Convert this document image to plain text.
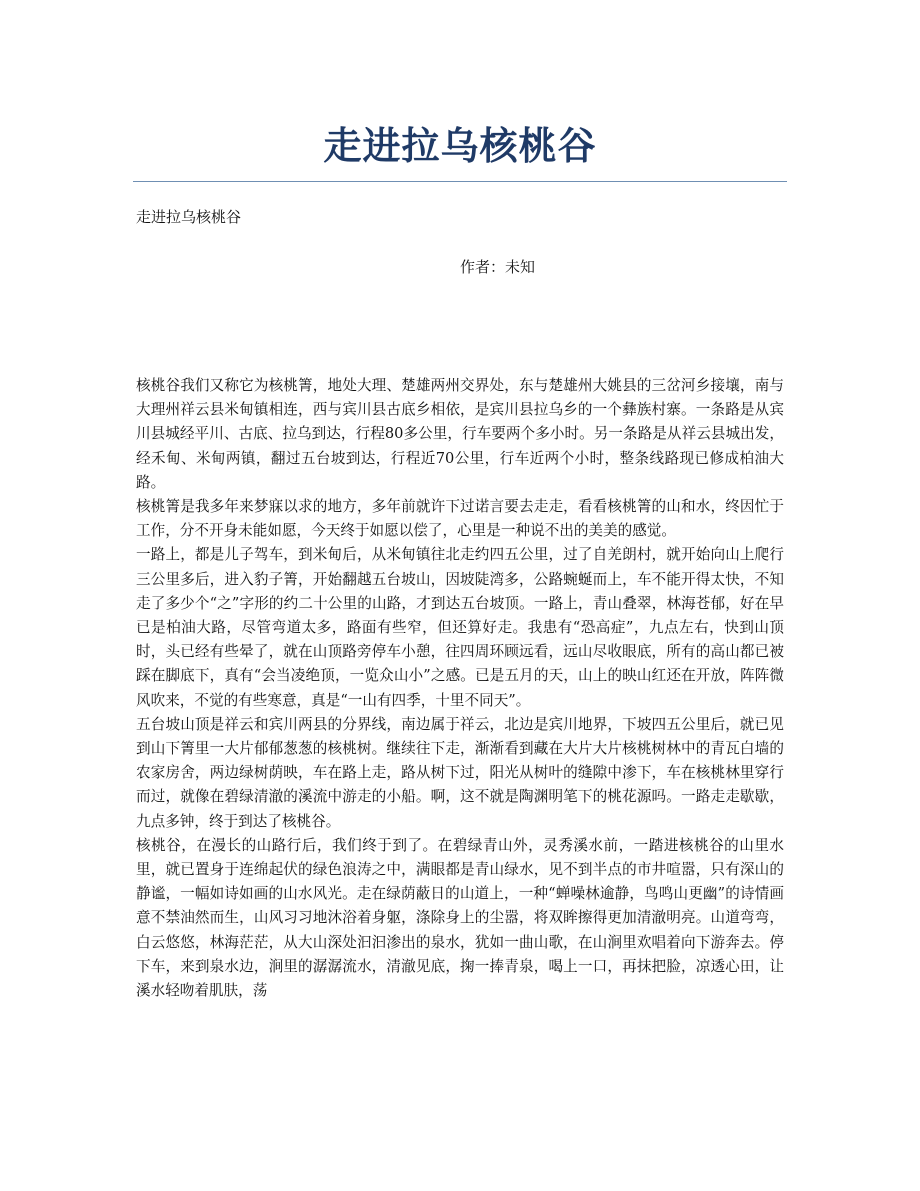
走进拉乌核桃谷
走进拉乌核桃谷
作者：未知

核桃谷我们又称它为核桃箐，地处大理、楚雄两州交界处，东与楚雄州大姚县的三岔河乡接壤，南与大理州祥云县米甸镇相连，西与宾川县古底乡相依，是宾川县拉乌乡的一个彝族村寨。一条路是从宾川县城经平川、古底、拉乌到达，行程80多公里，行车要两个多小时。另一条路是从祥云县城出发，经禾甸、米甸两镇，翻过五台坡到达，行程近70公里，行车近两个小时，整条线路现已修成柏油大路。

核桃箐是我多年来梦寐以求的地方，多年前就许下过诺言要去走走，看看核桃箐的山和水，终因忙于工作，分不开身未能如愿，今天终于如愿以偿了，心里是一种说不出的美美的感觉。

一路上，都是儿子驾车，到米甸后，从米甸镇往北走约四五公里，过了自羌朗村，就开始向山上爬行三公里多后，进入豹子箐，开始翻越五台坡山，因坡陡湾多，公路蜿蜒而上，车不能开得太快，不知走了多少个“之”字形的约二十公里的山路，才到达五台坡顶。一路上，青山叠翠，林海苍郁，好在早已是柏油大路，尽管弯道太多，路面有些窄，但还算好走。我患有“恐高症”，九点左右，快到山顶时，头已经有些晕了，就在山顶路旁停车小憩，往四周环顾远看，远山尽收眼底，所有的高山都已被踩在脚底下，真有“会当凌绝顶，一览众山小”之感。已是五月的天，山上的映山红还在开放，阵阵微风吹来，不觉的有些寒意，真是“一山有四季，十里不同天”。

五台坡山顶是祥云和宾川两县的分界线，南边属于祥云，北边是宾川地界，下坡四五公里后，就已见到山下箐里一大片郁郁葱葱的核桃树。继续往下走，渐渐看到藏在大片大片核桃树林中的青瓦白墙的农家房舍，两边绿树荫映，车在路上走，路从树下过，阳光从树叶的缝隙中渗下，车在核桃林里穿行而过，就像在碧绿清澈的溪流中游走的小船。啊，这不就是陶渊明笔下的桃花源吗。一路走走歇歇，九点多钟，终于到达了核桃谷。

核桃谷，在漫长的山路行后，我们终于到了。在碧绿青山外，灵秀溪水前，一踏进核桃谷的山里水里，就已置身于连绵起伏的绿色浪涛之中，满眼都是青山绿水，见不到半点的市井喧嚣，只有深山的静谧，一幅如诗如画的山水风光。走在绿荫蔽日的山道上，一种“蝉噪林逾静，鸟鸣山更幽”的诗情画意不禁油然而生，山风习习地沐浴着身躯，涤除身上的尘嚣，将双眸擦得更加清澈明亮。山道弯弯，白云悠悠，林海茫茫，从大山深处汩汩渗出的泉水，犹如一曲山歌，在山涧里欢唱着向下游奔去。停下车，来到泉水边，涧里的潺潺流水，清澈见底，掬一捧青泉，喝上一口，再抹把脸，凉透心田，让溪水轻吻着肌肤，荡
